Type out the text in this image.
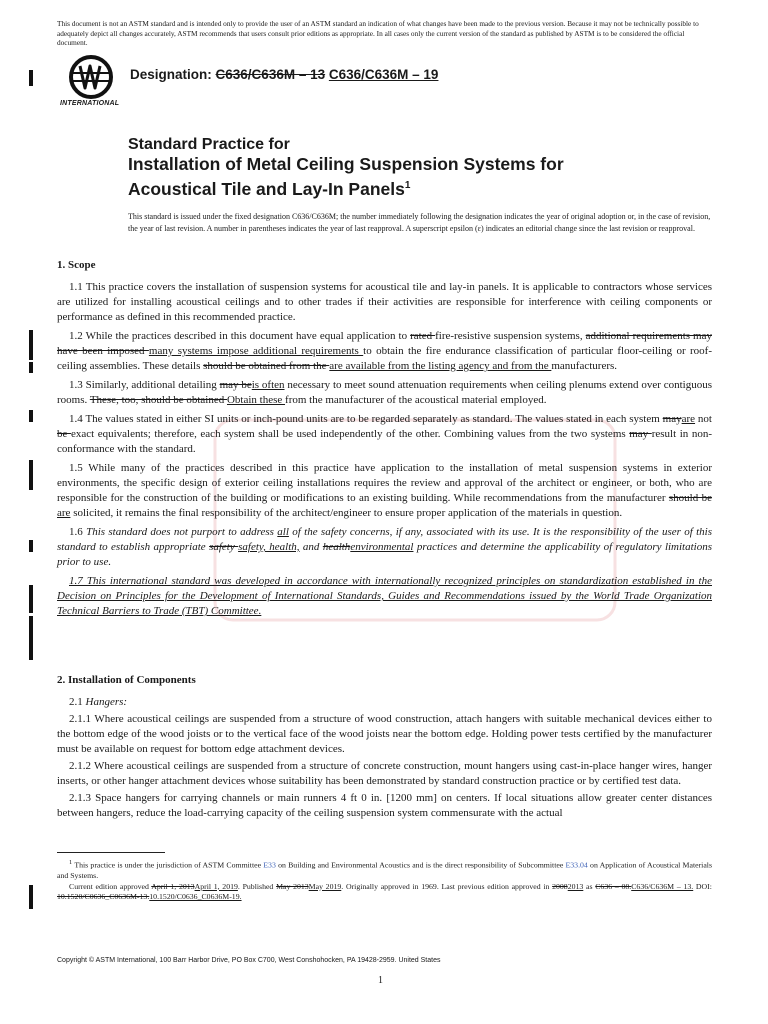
This document is not an ASTM standard and is intended only to provide the user of an ASTM standard an indication of what changes have been made to the previous version. Because it may not be technically possible to adequately depict all changes accurately, ASTM recommends that users consult prior editions as appropriate. In all cases only the current version of the standard as published by ASTM is to be considered the official document.

INTERNATIONAL
Designation: C636/C636M – 13 C636/C636M – 19
Standard Practice for
Installation of Metal Ceiling Suspension Systems for
Acoustical Tile and Lay-In Panels$^1$

This standard is issued under the fixed designation C636/C636M; the number immediately following the designation indicates the year of original adoption or, in the case of revision, the year of last revision. A number in parentheses indicates the year of last reapproval. A superscript epsilon (ε) indicates an editorial change since the last revision or reapproval.

1. Scope

1.1 This practice covers the installation of suspension systems for acoustical tile and lay-in panels. It is applicable to contractors whose services are utilized for installing acoustical ceilings and to other trades if their activities are responsible for interference with ceiling components or performance as defined in this recommended practice.

1.2 While the practices described in this document have equal application to rated fire-resistive suspension systems, additional requirements may have been imposed many systems impose additional requirements to obtain the fire endurance classification of particular floor-ceiling or roof-ceiling assemblies. These details should be obtained from the are available from the listing agency and from the manufacturers.

1.3 Similarly, additional detailing may beis often necessary to meet sound attenuation requirements when ceiling plenums extend over contiguous rooms. These, too, should be obtained Obtain these from the manufacturer of the acoustical material employed.

1.4 The values stated in either SI units or inch-pound units are to be regarded separately as standard. The values stated in each system mayare not be exact equivalents; therefore, each system shall be used independently of the other. Combining values from the two systems may result in non-conformance with the standard.

1.5 While many of the practices described in this practice have application to the installation of metal suspension systems in exterior environments, the specific design of exterior ceiling installations requires the review and approval of the architect or engineer, or both, who are responsible for the construction of the building or modifications to an existing building. While recommendations from the manufacturer should be are solicited, it remains the final responsibility of the architect/engineer to ensure proper application of the materials in question.

1.6 This standard does not purport to address all of the safety concerns, if any, associated with its use. It is the responsibility of the user of this standard to establish appropriate safety safety, health, and healthenvironmental practices and determine the applicability of regulatory limitations prior to use.

1.7 This international standard was developed in accordance with internationally recognized principles on standardization established in the Decision on Principles for the Development of International Standards, Guides and Recommendations issued by the World Trade Organization Technical Barriers to Trade (TBT) Committee.

2. Installation of Components

2.1 Hangers:

2.1.1 Where acoustical ceilings are suspended from a structure of wood construction, attach hangers with suitable mechanical devices either to the bottom edge of the wood joists or to the vertical face of the wood joists near the bottom edge. Holding power tests certified by the manufacturer must be available on request for bottom edge attachment devices.

2.1.2 Where acoustical ceilings are suspended from a structure of concrete construction, mount hangers using cast-in-place hanger wires, hanger inserts, or other hanger attachment devices whose suitability has been demonstrated by standard construction practice or by certified test data.

2.1.3 Space hangers for carrying channels or main runners 4 ft 0 in. [1200 mm] on centers. If local situations allow greater center distances between hangers, reduce the load-carrying capacity of the ceiling suspension system commensurate with the actual

$^1$ This practice is under the jurisdiction of ASTM Committee E33 on Building and Environmental Acoustics and is the direct responsibility of Subcommittee E33.04 on Application of Acoustical Materials and Systems.

Current edition approved April 1, 2013April 1, 2019. Published May 2013May 2019. Originally approved in 1969. Last previous edition approved in 20082013 as C636 – 08.C636/C636M – 13. DOI: 10.1520/C0636_C0636M-13.10.1520/C0636_C0636M-19.

Copyright © ASTM International, 100 Barr Harbor Drive, PO Box C700, West Conshohocken, PA 19428-2959. United States
1
